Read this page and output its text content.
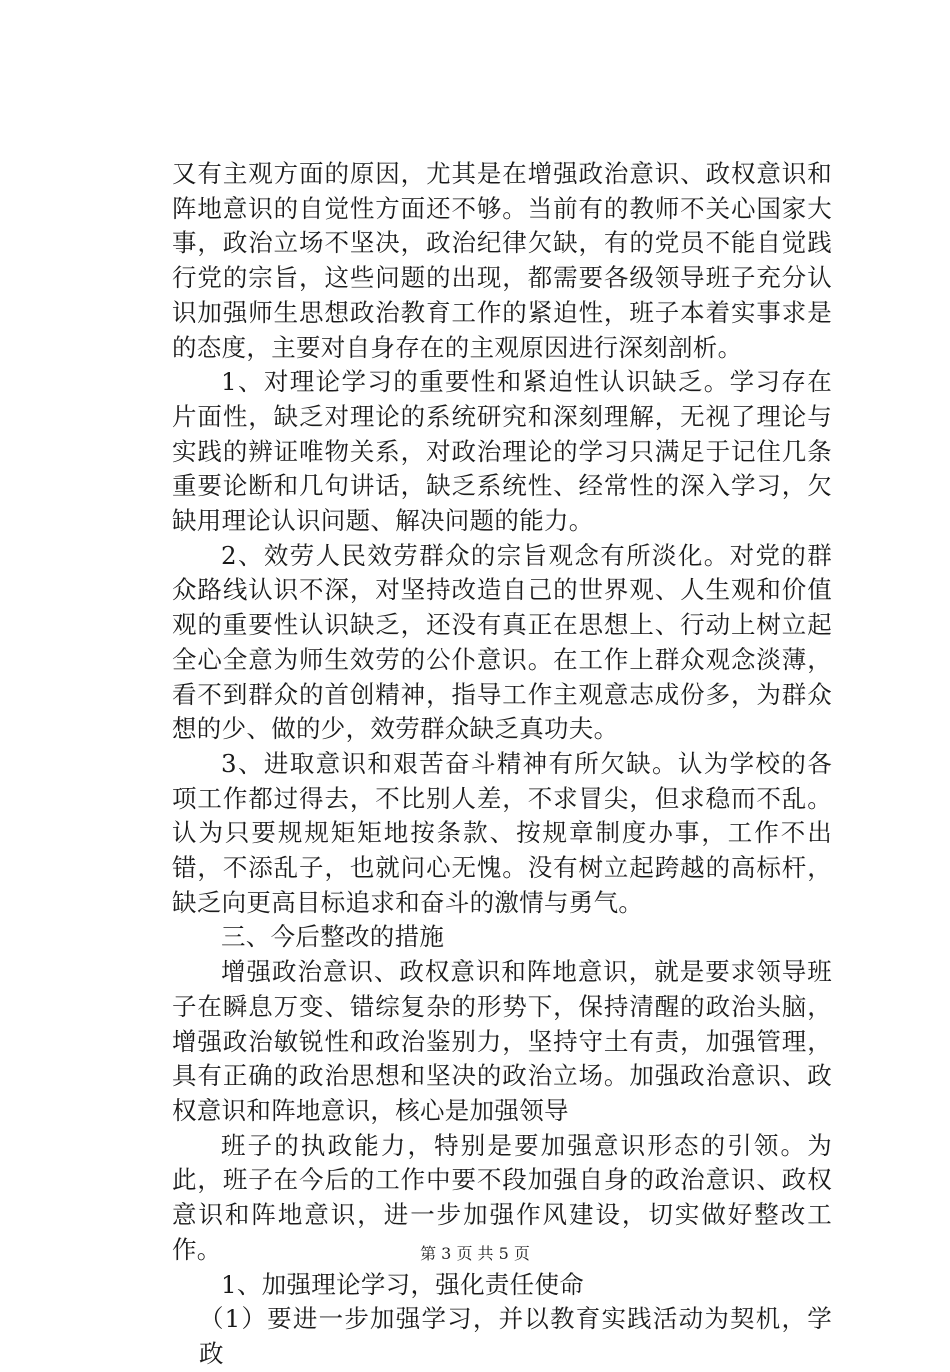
又有主观方面的原因，尤其是在增强政治意识、政权意识和阵地意识的自觉性方面还不够。当前有的教师不关心国家大事，政治立场不坚决，政治纪律欠缺，有的党员不能自觉践行党的宗旨，这些问题的出现，都需要各级领导班子充分认识加强师生思想政治教育工作的紧迫性，班子本着实事求是的态度，主要对自身存在的主观原因进行深刻剖析。

1、对理论学习的重要性和紧迫性认识缺乏。学习存在片面性，缺乏对理论的系统研究和深刻理解，无视了理论与实践的辨证唯物关系，对政治理论的学习只满足于记住几条重要论断和几句讲话，缺乏系统性、经常性的深入学习，欠缺用理论认识问题、解决问题的能力。

2、效劳人民效劳群众的宗旨观念有所淡化。对党的群众路线认识不深，对坚持改造自己的世界观、人生观和价值观的重要性认识缺乏，还没有真正在思想上、行动上树立起全心全意为师生效劳的公仆意识。在工作上群众观念淡薄，看不到群众的首创精神，指导工作主观意志成份多，为群众想的少、做的少，效劳群众缺乏真功夫。

3、进取意识和艰苦奋斗精神有所欠缺。认为学校的各项工作都过得去，不比别人差，不求冒尖，但求稳而不乱。认为只要规规矩矩地按条款、按规章制度办事，工作不出错，不添乱子，也就问心无愧。没有树立起跨越的高标杆，缺乏向更高目标追求和奋斗的激情与勇气。

三、今后整改的措施

增强政治意识、政权意识和阵地意识，就是要求领导班子在瞬息万变、错综复杂的形势下，保持清醒的政治头脑，增强政治敏锐性和政治鉴别力，坚持守土有责，加强管理，具有正确的政治思想和坚决的政治立场。加强政治意识、政权意识和阵地意识，核心是加强领导

班子的执政能力，特别是要加强意识形态的引领。为此，班子在今后的工作中要不段加强自身的政治意识、政权意识和阵地意识，进一步加强作风建设，切实做好整改工作。

1、加强理论学习，强化责任使命

（1）要进一步加强学习，并以教育实践活动为契机，学政

第 3 页 共 5 页
